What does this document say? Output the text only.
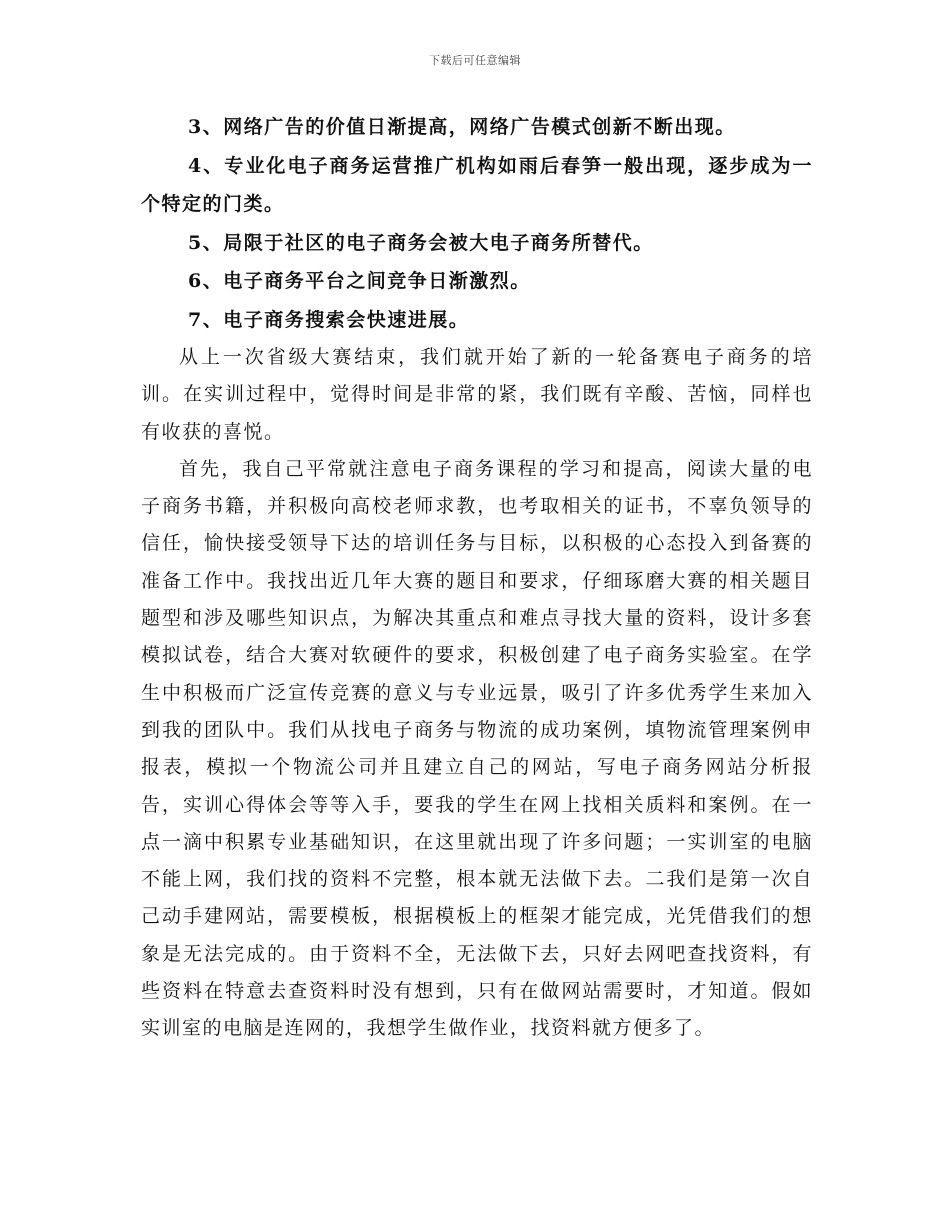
下载后可任意编辑

3、网络广告的价值日渐提高，网络广告模式创新不断出现。

4、专业化电子商务运营推广机构如雨后春笋一般出现，逐步成为一个特定的门类。

5、局限于社区的电子商务会被大电子商务所替代。

6、电子商务平台之间竞争日渐激烈。

7、电子商务搜索会快速进展。

从上一次省级大赛结束，我们就开始了新的一轮备赛电子商务的培训。在实训过程中，觉得时间是非常的紧，我们既有辛酸、苦恼，同样也有收获的喜悦。

首先，我自己平常就注意电子商务课程的学习和提高，阅读大量的电子商务书籍，并积极向高校老师求教，也考取相关的证书，不辜负领导的信任，愉快接受领导下达的培训任务与目标，以积极的心态投入到备赛的准备工作中。我找出近几年大赛的题目和要求，仔细琢磨大赛的相关题目题型和涉及哪些知识点，为解决其重点和难点寻找大量的资料，设计多套模拟试卷，结合大赛对软硬件的要求，积极创建了电子商务实验室。在学生中积极而广泛宣传竞赛的意义与专业远景，吸引了许多优秀学生来加入到我的团队中。我们从找电子商务与物流的成功案例，填物流管理案例申报表，模拟一个物流公司并且建立自己的网站，写电子商务网站分析报告，实训心得体会等等入手，要我的学生在网上找相关质料和案例。在一点一滴中积累专业基础知识，在这里就出现了许多问题；一实训室的电脑不能上网，我们找的资料不完整，根本就无法做下去。二我们是第一次自己动手建网站，需要模板，根据模板上的框架才能完成，光凭借我们的想象是无法完成的。由于资料不全，无法做下去，只好去网吧查找资料，有些资料在特意去查资料时没有想到，只有在做网站需要时，才知道。假如实训室的电脑是连网的，我想学生做作业，找资料就方便多了。
